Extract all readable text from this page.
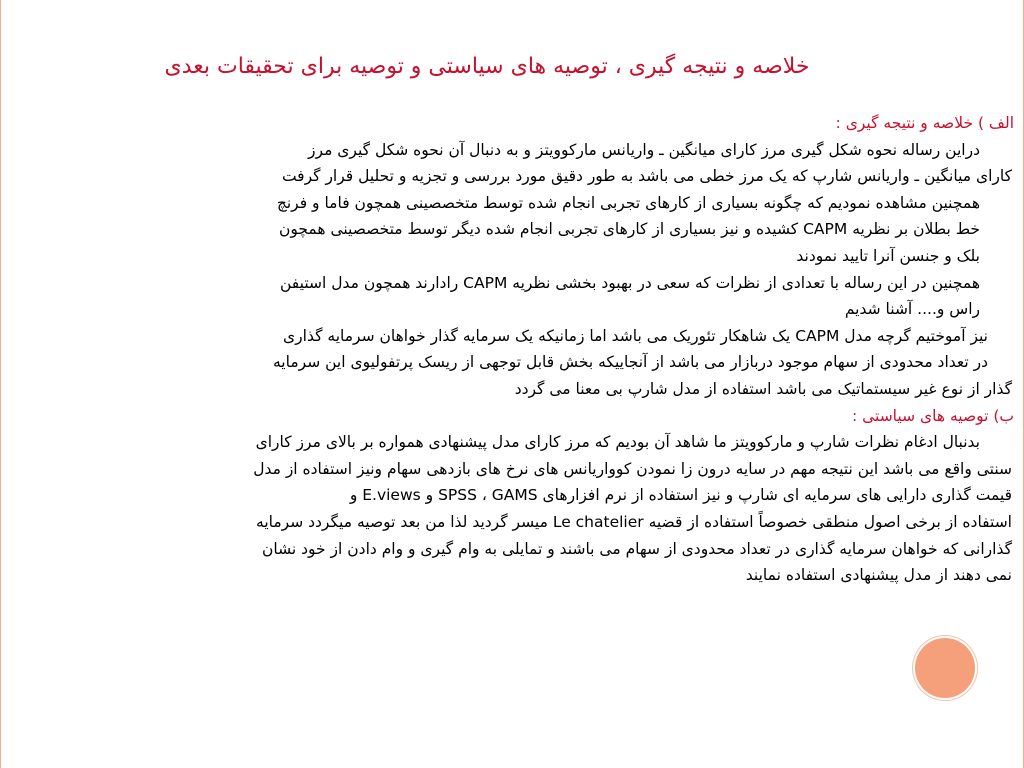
خلاصه و نتیجه گیری ، توصیه های سیاستی و توصیه برای تحقیقات بعدی
الف ) خلاصه و نتیجه گیری :
دراین رساله نحوه شکل گیری مرز کارای میانگین ـ واریانس مارکوویتز و به دنبال آن نحوه شکل گیری مرز
کارای میانگین ـ واریانس شارپ که یک مرز خطی می باشد به طور دقیق مورد بررسی و تجزیه و تحلیل قرار گرفت
همچنین مشاهده نمودیم که چگونه بسیاری از کارهای تجربی انجام شده توسط متخصصینی همچون فاما و فرنچ
خط بطلان بر نظریه CAPM کشیده و نیز بسیاری از کارهای تجربی انجام شده دیگر توسط متخصصینی همچون
بلک و جنسن آنرا تایید نمودند
همچنین در این رساله با تعدادی از نظرات که سعی در بهبود بخشی نظریه CAPM رادارند همچون مدل استیفن
راس و.... آشنا شدیم
نیز آموختیم گرچه مدل CAPM یک شاهکار تئوریک می باشد اما زمانیکه یک سرمایه گذار خواهان سرمایه گذاری
در تعداد محدودی از سهام موجود دربازار می باشد از آنجاییکه بخش قابل توجهی از ریسک پرتفولیوی این سرمایه
گذار از نوع غیر سیستماتیک می باشد استفاده از مدل شارپ بی معنا می گردد
ب) توصیه های سیاستی :
بدنبال ادغام نظرات شارپ و مارکوویتز ما شاهد آن بودیم که مرز کارای مدل پیشنهادی همواره بر بالای مرز کارای
سنتی واقع می باشد این نتیجه مهم در سایه درون زا نمودن کوواریانس های نرخ های بازدهی سهام ونیز استفاده از مدل
قیمت گذاری دارایی های سرمایه ای شارپ و نیز استفاده از نرم افزارهای SPSS ، GAMS و E.views و
استفاده از برخی اصول منطقی خصوصاً استفاده از قضیه Le chatelier میسر گردید لذا من بعد توصیه میگردد سرمایه
گذارانی که خواهان سرمایه گذاری در تعداد محدودی از سهام می باشند و تمایلی به وام گیری و وام دادن از خود نشان
نمی دهند از مدل پیشنهادی استفاده نمایند
